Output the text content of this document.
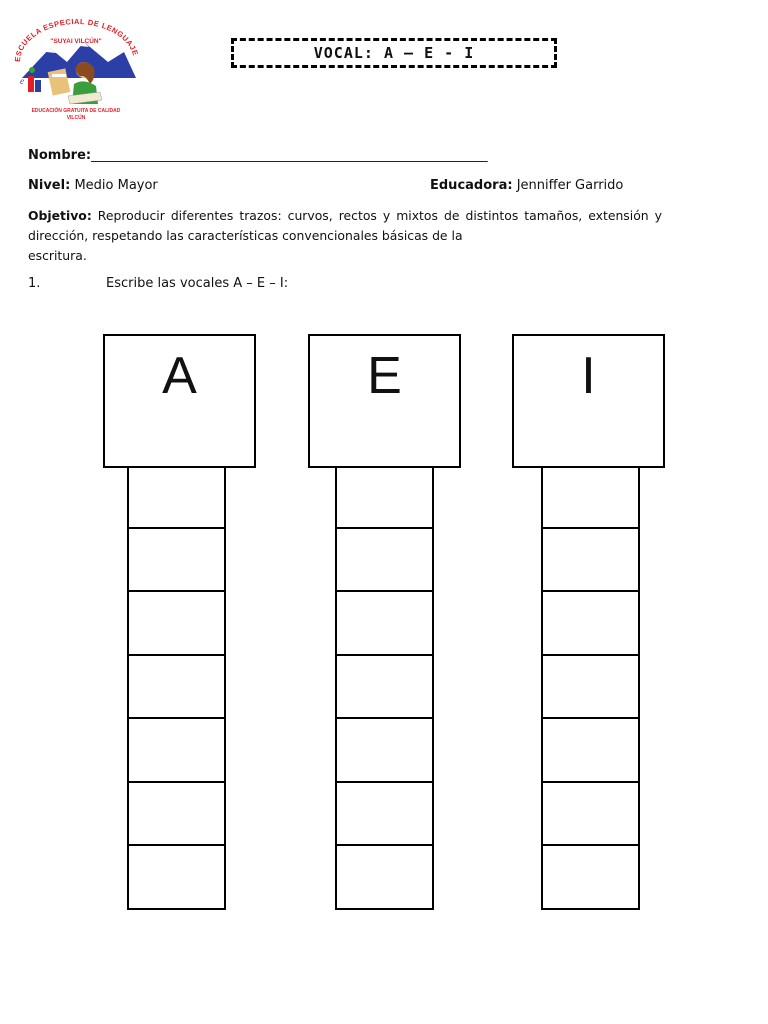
ESCUELA ESPECIAL DE LENGUAJE
"SUYAI VILCÚN"
e
EDUCACIÓN GRATUITA DE CALIDAD
VILCÚN
VOCAL: A – E - I
Nombre:_____________________________________________________________
Nivel: Medio Mayor	Educadora: Jenniffer Garrido
Objetivo: Reproducir diferentes trazos: curvos, rectos y mixtos de distintos tamaños, extensión y dirección, respetando las características convencionales básicas de la
escritura.
1.	Escribe las vocales A – E – I:
A	E	I
